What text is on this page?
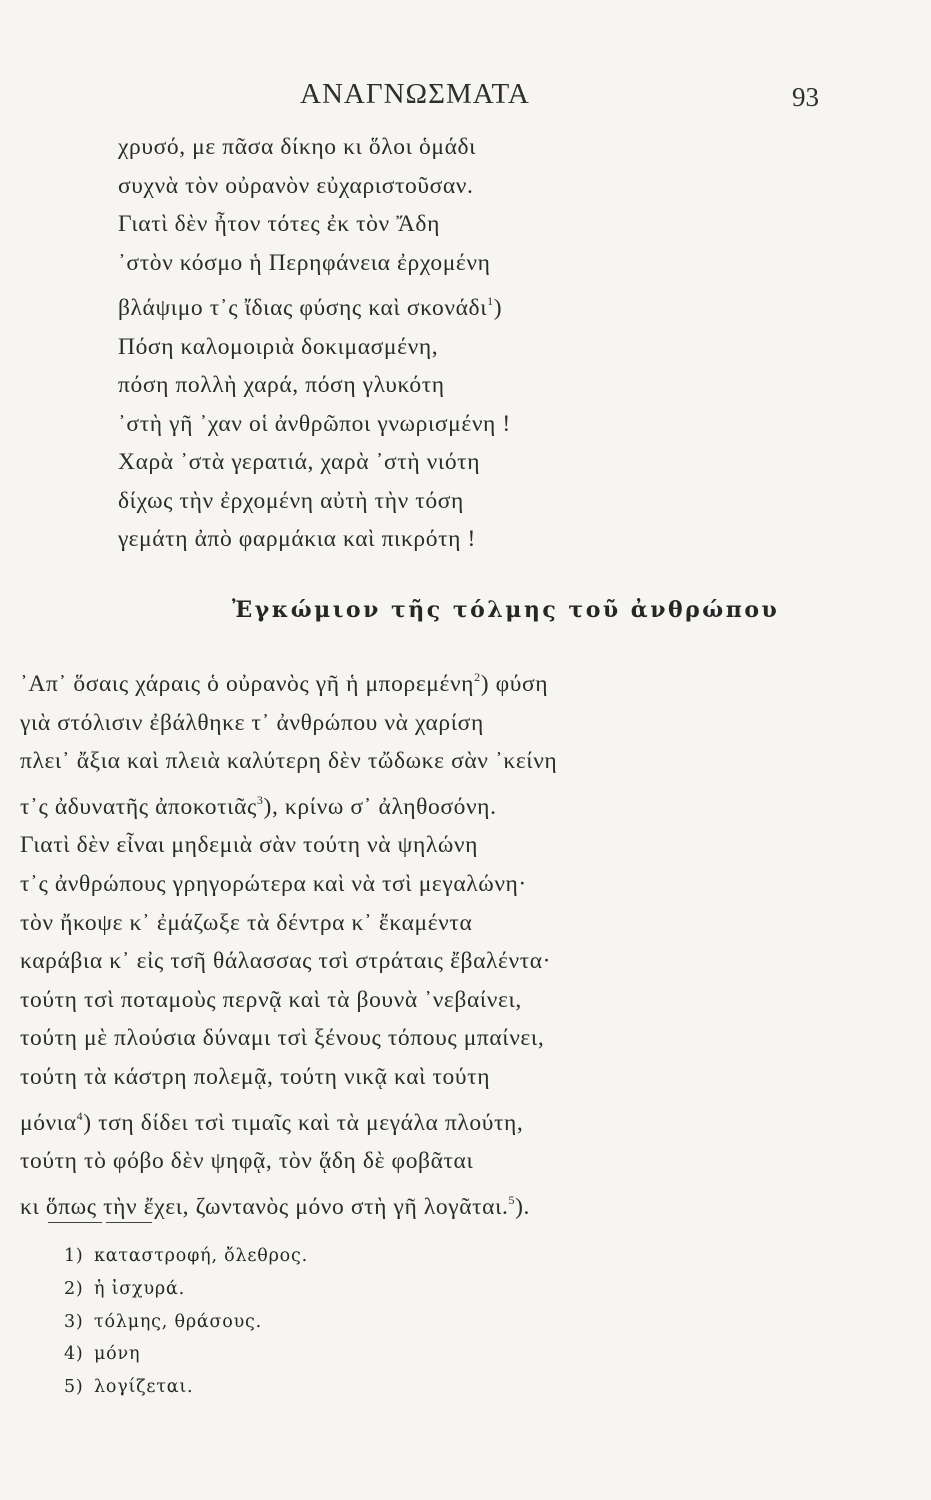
ΑΝΑΓΝΩΣΜΑΤΑ	93
χρυσό, με πᾶσα δίκηο κι ὅλοι ὁμάδι
συχνὰ τὸν οὐρανὸν εὐχαριστοῦσαν.
Γιατὶ δὲν ἦτον τότες ἐκ τὸν Ἄδη
᾿στὸν κόσμο ἡ Περηφάνεια ἐρχομένη
βλάψιμο τ᾿ς ἴδιας φύσης καὶ σκονάδι$^1$)
Πόση καλομοιριὰ δοκιμασμένη,
πόση πολλὴ χαρά, πόση γλυκότη
᾿στὴ γῆ ᾿χαν οἱ ἀνθρῶποι γνωρισμένη !
Χαρὰ ᾿στὰ γερατιά, χαρὰ ᾿στὴ νιότη
δίχως τὴν ἐρχομένη αὐτὴ τὴν τόση
γεμάτη ἀπὸ φαρμάκια καὶ πικρότη !
Ἐγκώμιον τῆς τόλμης τοῦ ἀνθρώπου
᾿Απ᾿ ὅσαις χάραις ὁ οὐρανὸς γῆ ἡ μπορεμένη$^2$) φύση
γιὰ στόλισιν ἐβάλθηκε τ᾿ ἀνθρώπου νὰ χαρίση
πλει᾿ ἄξια καὶ πλειὰ καλύτερη δὲν τὤδωκε σὰν ᾿κείνη
τ᾿ς ἀδυνατῆς ἀποκοτιᾶς$^3$), κρίνω σ᾿ ἀληθοσόνη.
Γιατὶ δὲν εἶναι μηδεμιὰ σὰν τούτη νὰ ψηλώνη
τ᾿ς ἀνθρώπους γρηγορώτερα καὶ νὰ τσὶ μεγαλώνη·
τὸν ἤκοψε κ᾿ ἐμάζωξε τὰ δέντρα κ᾿ ἔκαμέντα
καράβια κ᾿ εἰς τσῆ θάλασσας τσὶ στράταις ἔβαλέντα·
τούτη τσὶ ποταμοὺς περνᾷ καὶ τὰ βουνὰ ᾿νεβαίνει,
τούτη μὲ πλούσια δύναμι τσὶ ξένους τόπους μπαίνει,
τούτη τὰ κάστρη πολεμᾷ, τούτη νικᾷ καὶ τούτη
μόνια$^4$) τση δίδει τσὶ τιμαῖς καὶ τὰ μεγάλα πλούτη,
τούτη τὸ φόβο δὲν ψηφᾷ, τὸν ᾅδη δὲ φοβᾶται
κι ὅπως τὴν ἔχει, ζωντανὸς μόνο στὴ γῆ λογᾶται.$^5$).
1) καταστροφή, ὄλεθρος.
2) ἡ ἰσχυρά.
3) τόλμης, θράσους.
4) μόνη
5) λογίζεται.
